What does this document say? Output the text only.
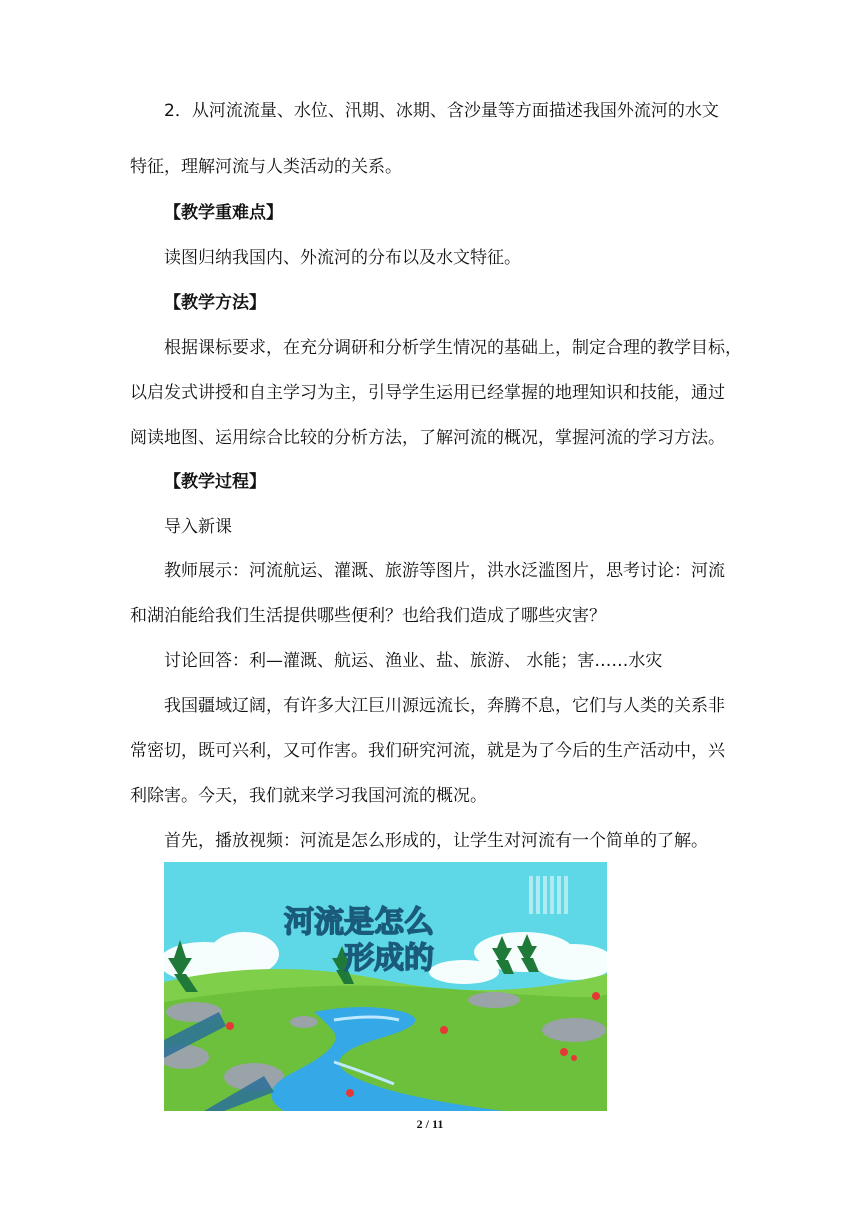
2．从河流流量、水位、汛期、冰期、含沙量等方面描述我国外流河的水文

特征，理解河流与人类活动的关系。

【教学重难点】

读图归纳我国内、外流河的分布以及水文特征。

【教学方法】

根据课标要求，在充分调研和分析学生情况的基础上，制定合理的教学目标，

以启发式讲授和自主学习为主，引导学生运用已经掌握的地理知识和技能，通过

阅读地图、运用综合比较的分析方法，了解河流的概况，掌握河流的学习方法。

【教学过程】

导入新课

教师展示：河流航运、灌溉、旅游等图片，洪水泛滥图片，思考讨论：河流

和湖泊能给我们生活提供哪些便利？也给我们造成了哪些灾害？

讨论回答：利—灌溉、航运、渔业、盐、旅游、 水能；害……水灾

我国疆域辽阔，有许多大江巨川源远流长，奔腾不息，它们与人类的关系非

常密切，既可兴利，又可作害。我们研究河流，就是为了今后的生产活动中，兴

利除害。今天，我们就来学习我国河流的概况。

首先，播放视频：河流是怎么形成的，让学生对河流有一个简单的了解。

河流是怎么
形成的
2 / 11
